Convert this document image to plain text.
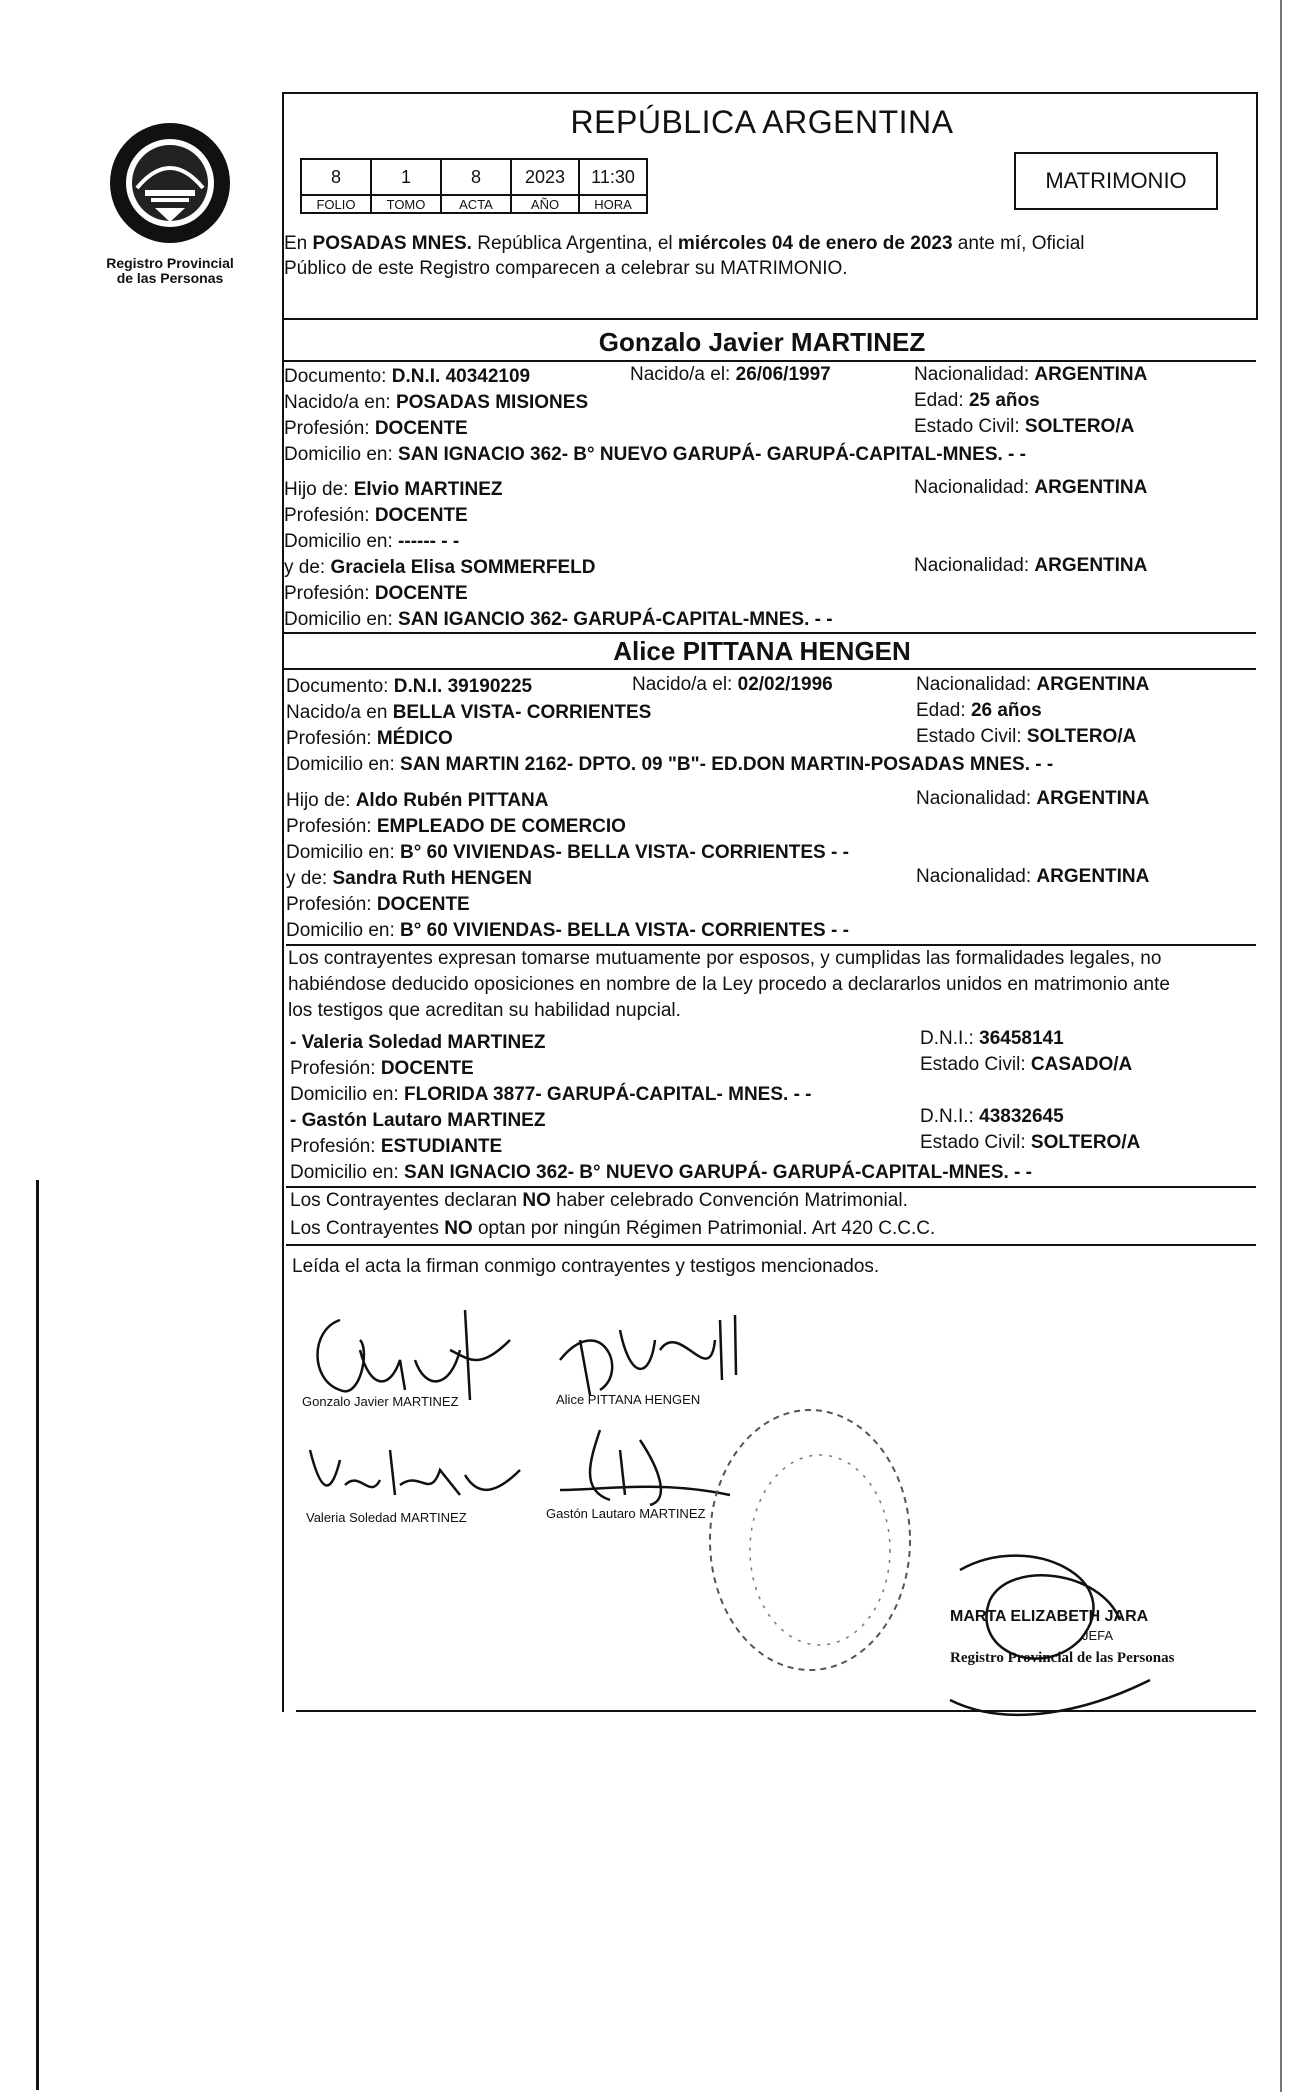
Registro Provincial
de las Personas
REPÚBLICA ARGENTINA
8	1	8	2023	11:30
FOLIO	TOMO	ACTA	AÑO	HORA
MATRIMONIO
En POSADAS MNES. República Argentina, el miércoles 04 de enero de 2023 ante mí, Oficial
Público de este Registro comparecen a celebrar su MATRIMONIO.
Gonzalo Javier MARTINEZ
Documento: D.N.I. 40342109	Nacido/a el: 26/06/1997	Nacionalidad: ARGENTINA
Nacido/a en: POSADAS MISIONES	Edad: 25 años
Profesión: DOCENTE	Estado Civil: SOLTERO/A
Domicilio en: SAN IGNACIO 362- B° NUEVO GARUPÁ- GARUPÁ-CAPITAL-MNES. - -
Hijo de: Elvio MARTINEZ	Nacionalidad: ARGENTINA
Profesión: DOCENTE
Domicilio en: ------ - -
y de: Graciela Elisa SOMMERFELD	Nacionalidad: ARGENTINA
Profesión: DOCENTE
Domicilio en: SAN IGANCIO 362- GARUPÁ-CAPITAL-MNES. - -
Alice PITTANA HENGEN
Documento: D.N.I. 39190225	Nacido/a el: 02/02/1996	Nacionalidad: ARGENTINA
Nacido/a en BELLA VISTA- CORRIENTES	Edad: 26 años
Profesión: MÉDICO	Estado Civil: SOLTERO/A
Domicilio en: SAN MARTIN 2162- DPTO. 09 "B"- ED.DON MARTIN-POSADAS MNES. - -
Hijo de: Aldo Rubén PITTANA	Nacionalidad: ARGENTINA
Profesión: EMPLEADO DE COMERCIO
Domicilio en: B° 60 VIVIENDAS- BELLA VISTA- CORRIENTES - -
y de: Sandra Ruth HENGEN	Nacionalidad: ARGENTINA
Profesión: DOCENTE
Domicilio en: B° 60 VIVIENDAS- BELLA VISTA- CORRIENTES - -
Los contrayentes expresan tomarse mutuamente por esposos, y cumplidas las formalidades legales, no
habiéndose deducido oposiciones en nombre de la Ley procedo a declararlos unidos en matrimonio ante
los testigos que acreditan su habilidad nupcial.
- Valeria Soledad MARTINEZ	D.N.I.: 36458141
Profesión: DOCENTE	Estado Civil: CASADO/A
Domicilio en: FLORIDA 3877- GARUPÁ-CAPITAL- MNES. - -
- Gastón Lautaro MARTINEZ	D.N.I.: 43832645
Profesión: ESTUDIANTE	Estado Civil: SOLTERO/A
Domicilio en: SAN IGNACIO 362- B° NUEVO GARUPÁ- GARUPÁ-CAPITAL-MNES. - -
Los Contrayentes declaran NO haber celebrado Convención Matrimonial.
Los Contrayentes NO optan por ningún Régimen Patrimonial. Art 420 C.C.C.
Leída el acta la firman conmigo contrayentes y testigos mencionados.
Gonzalo Javier MARTINEZ	Alice PITTANA HENGEN
Valeria Soledad MARTINEZ	Gastón Lautaro MARTINEZ
MARTA ELIZABETH JARA
JEFA
Registro Provincial de las Personas
